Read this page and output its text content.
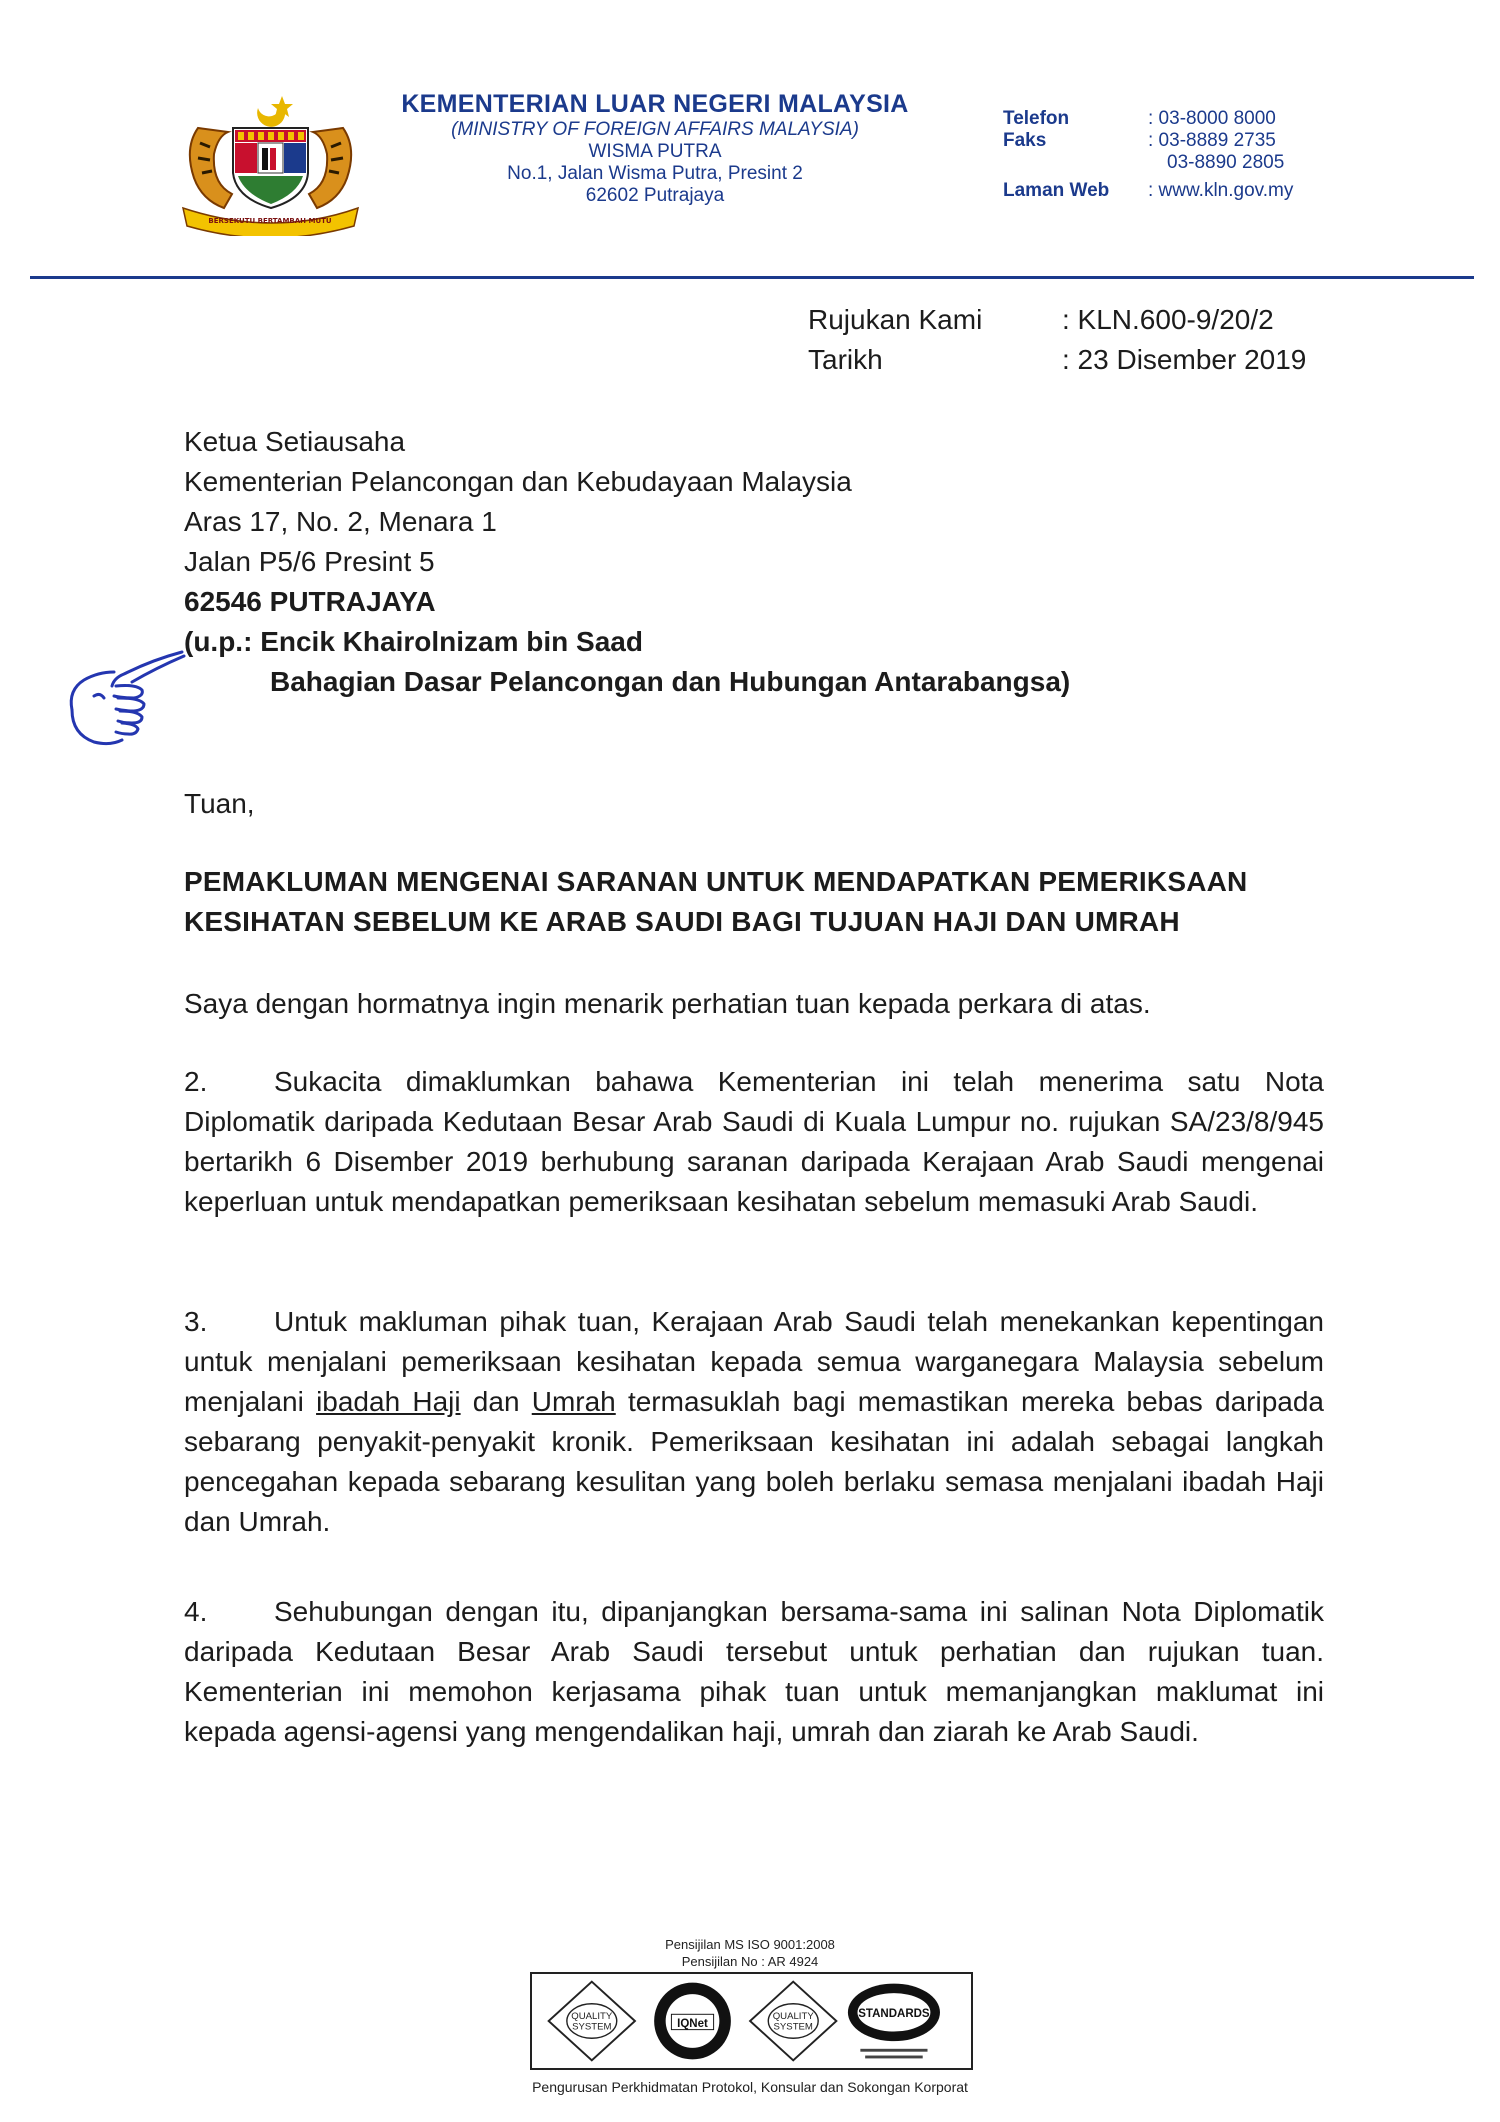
BERSEKUTU BERTAMBAH MUTU
KEMENTERIAN LUAR NEGERI MALAYSIA
(MINISTRY OF FOREIGN AFFAIRS MALAYSIA)
WISMA PUTRA
No.1, Jalan Wisma Putra, Presint 2
62602 Putrajaya
Telefon	: 03-8000 8000
Faks	: 03-8889 2735
03-8890 2805
Laman Web : www.kln.gov.my
Rujukan Kami	: KLN.600-9/20/2
Tarikh	: 23 Disember 2019
Ketua Setiausaha
Kementerian Pelancongan dan Kebudayaan Malaysia
Aras 17, No. 2, Menara 1
Jalan P5/6 Presint 5
62546 PUTRAJAYA
(u.p.: Encik Khairolnizam bin Saad
Bahagian Dasar Pelancongan dan Hubungan Antarabangsa)
Tuan,
PEMAKLUMAN MENGENAI SARANAN UNTUK MENDAPATKAN PEMERIKSAAN KESIHATAN SEBELUM KE ARAB SAUDI BAGI TUJUAN HAJI DAN UMRAH
Saya dengan hormatnya ingin menarik perhatian tuan kepada perkara di atas.
2. Sukacita dimaklumkan bahawa Kementerian ini telah menerima satu Nota Diplomatik daripada Kedutaan Besar Arab Saudi di Kuala Lumpur no. rujukan SA/23/8/945 bertarikh 6 Disember 2019 berhubung saranan daripada Kerajaan Arab Saudi mengenai keperluan untuk mendapatkan pemeriksaan kesihatan sebelum memasuki Arab Saudi.
3. Untuk makluman pihak tuan, Kerajaan Arab Saudi telah menekankan kepentingan untuk menjalani pemeriksaan kesihatan kepada semua warganegara Malaysia sebelum menjalani ibadah Haji dan Umrah termasuklah bagi memastikan mereka bebas daripada sebarang penyakit-penyakit kronik. Pemeriksaan kesihatan ini adalah sebagai langkah pencegahan kepada sebarang kesulitan yang boleh berlaku semasa menjalani ibadah Haji dan Umrah.
4. Sehubungan dengan itu, dipanjangkan bersama-sama ini salinan Nota Diplomatik daripada Kedutaan Besar Arab Saudi tersebut untuk perhatian dan rujukan tuan. Kementerian ini memohon kerjasama pihak tuan untuk memanjangkan maklumat ini kepada agensi-agensi yang mengendalikan haji, umrah dan ziarah ke Arab Saudi.
Pensijilan MS ISO 9001:2008
Pensijilan No : AR 4924
QUALITY
SYSTEM	IQNet
QUALITY
SYSTEM
STANDARDS
Pengurusan Perkhidmatan Protokol, Konsular dan Sokongan Korporat
